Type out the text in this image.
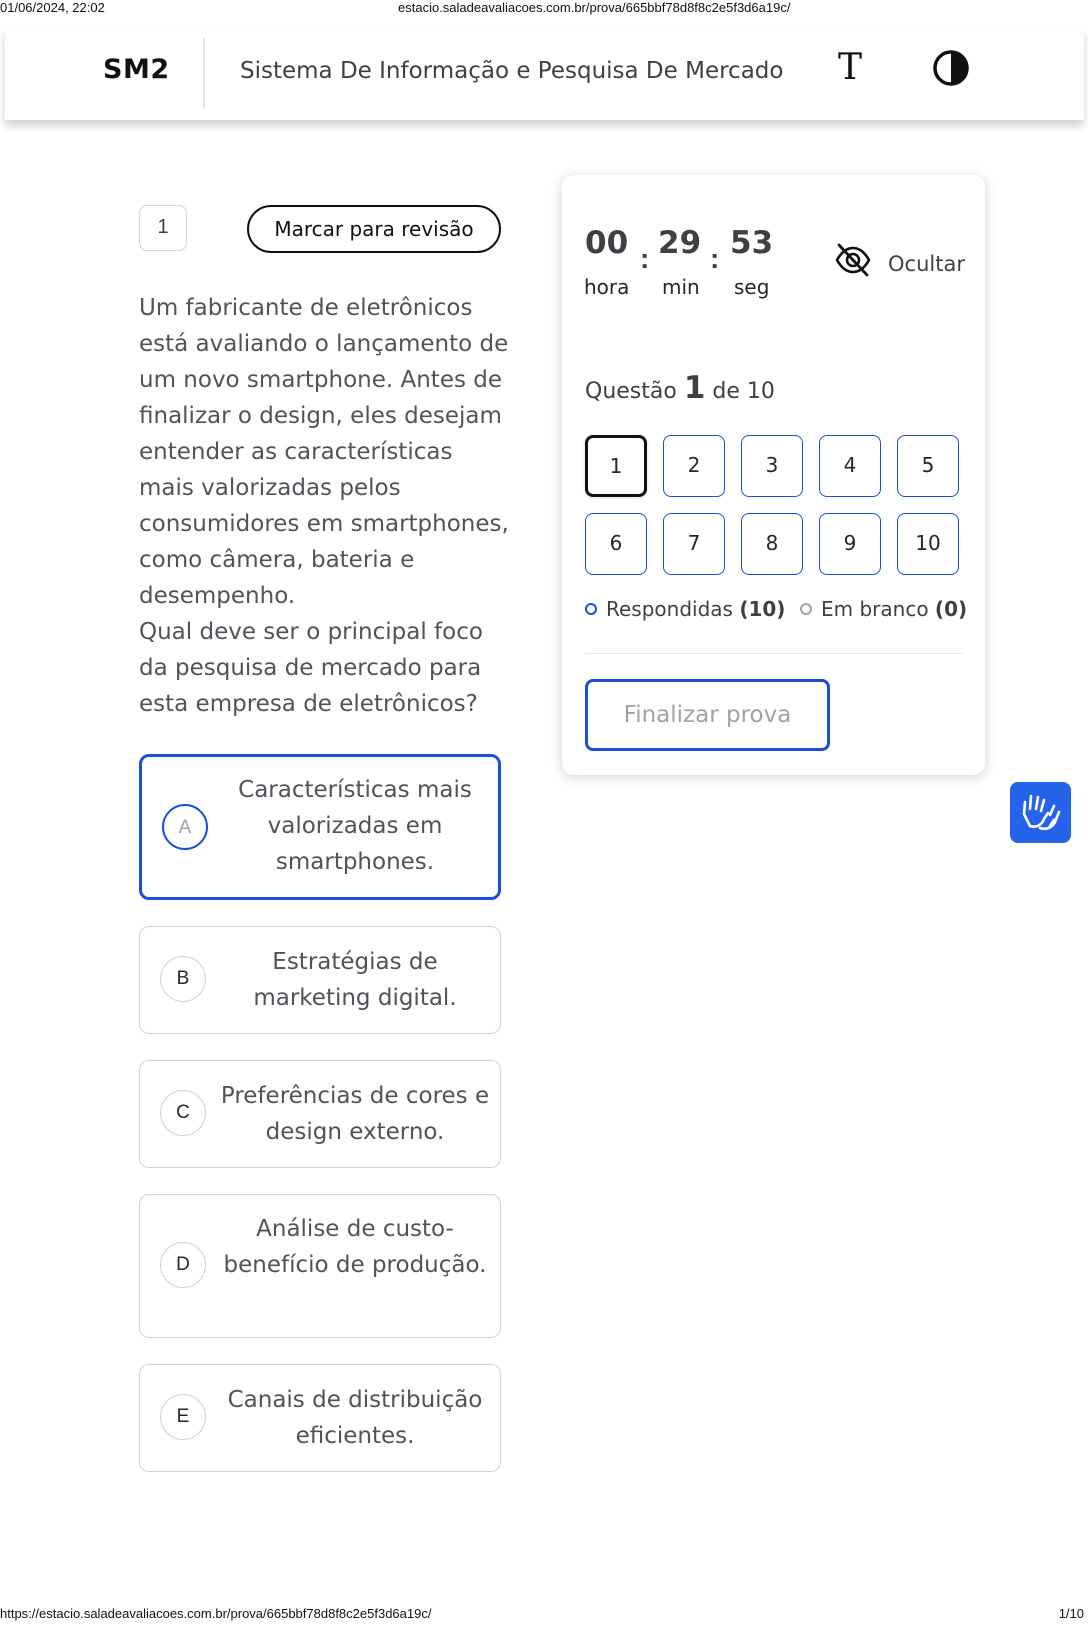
01/06/2024, 22:02	estacio.saladeavaliacoes.com.br/prova/665bbf78d8f8c2e5f3d6a19c/
SM2	Sistema De Informação e Pesquisa De Mercado T
1	Marcar para revisão
Um fabricante de eletrônicos está avaliando o lançamento de um novo smartphone. Antes de finalizar o design, eles desejam entender as características mais valorizadas pelos consumidores em smartphones, como câmera, bateria e desempenho.
Qual deve ser o principal foco da pesquisa de mercado para esta empresa de eletrônicos?
A
Características mais valorizadas em smartphones.
B
Estratégias de marketing digital.
C
Preferências de cores e design externo.
D
Análise de custo-benefício de produção.
E
Canais de distribuição eficientes.
00 : 29 : 53
hora min seg
Ocultar
Questão 1 de 10
1	2	3	4	5
6	7	8	9	10
Respondidas (10)	Em branco (0)
Finalizar prova
https://estacio.saladeavaliacoes.com.br/prova/665bbf78d8f8c2e5f3d6a19c/	1/10
